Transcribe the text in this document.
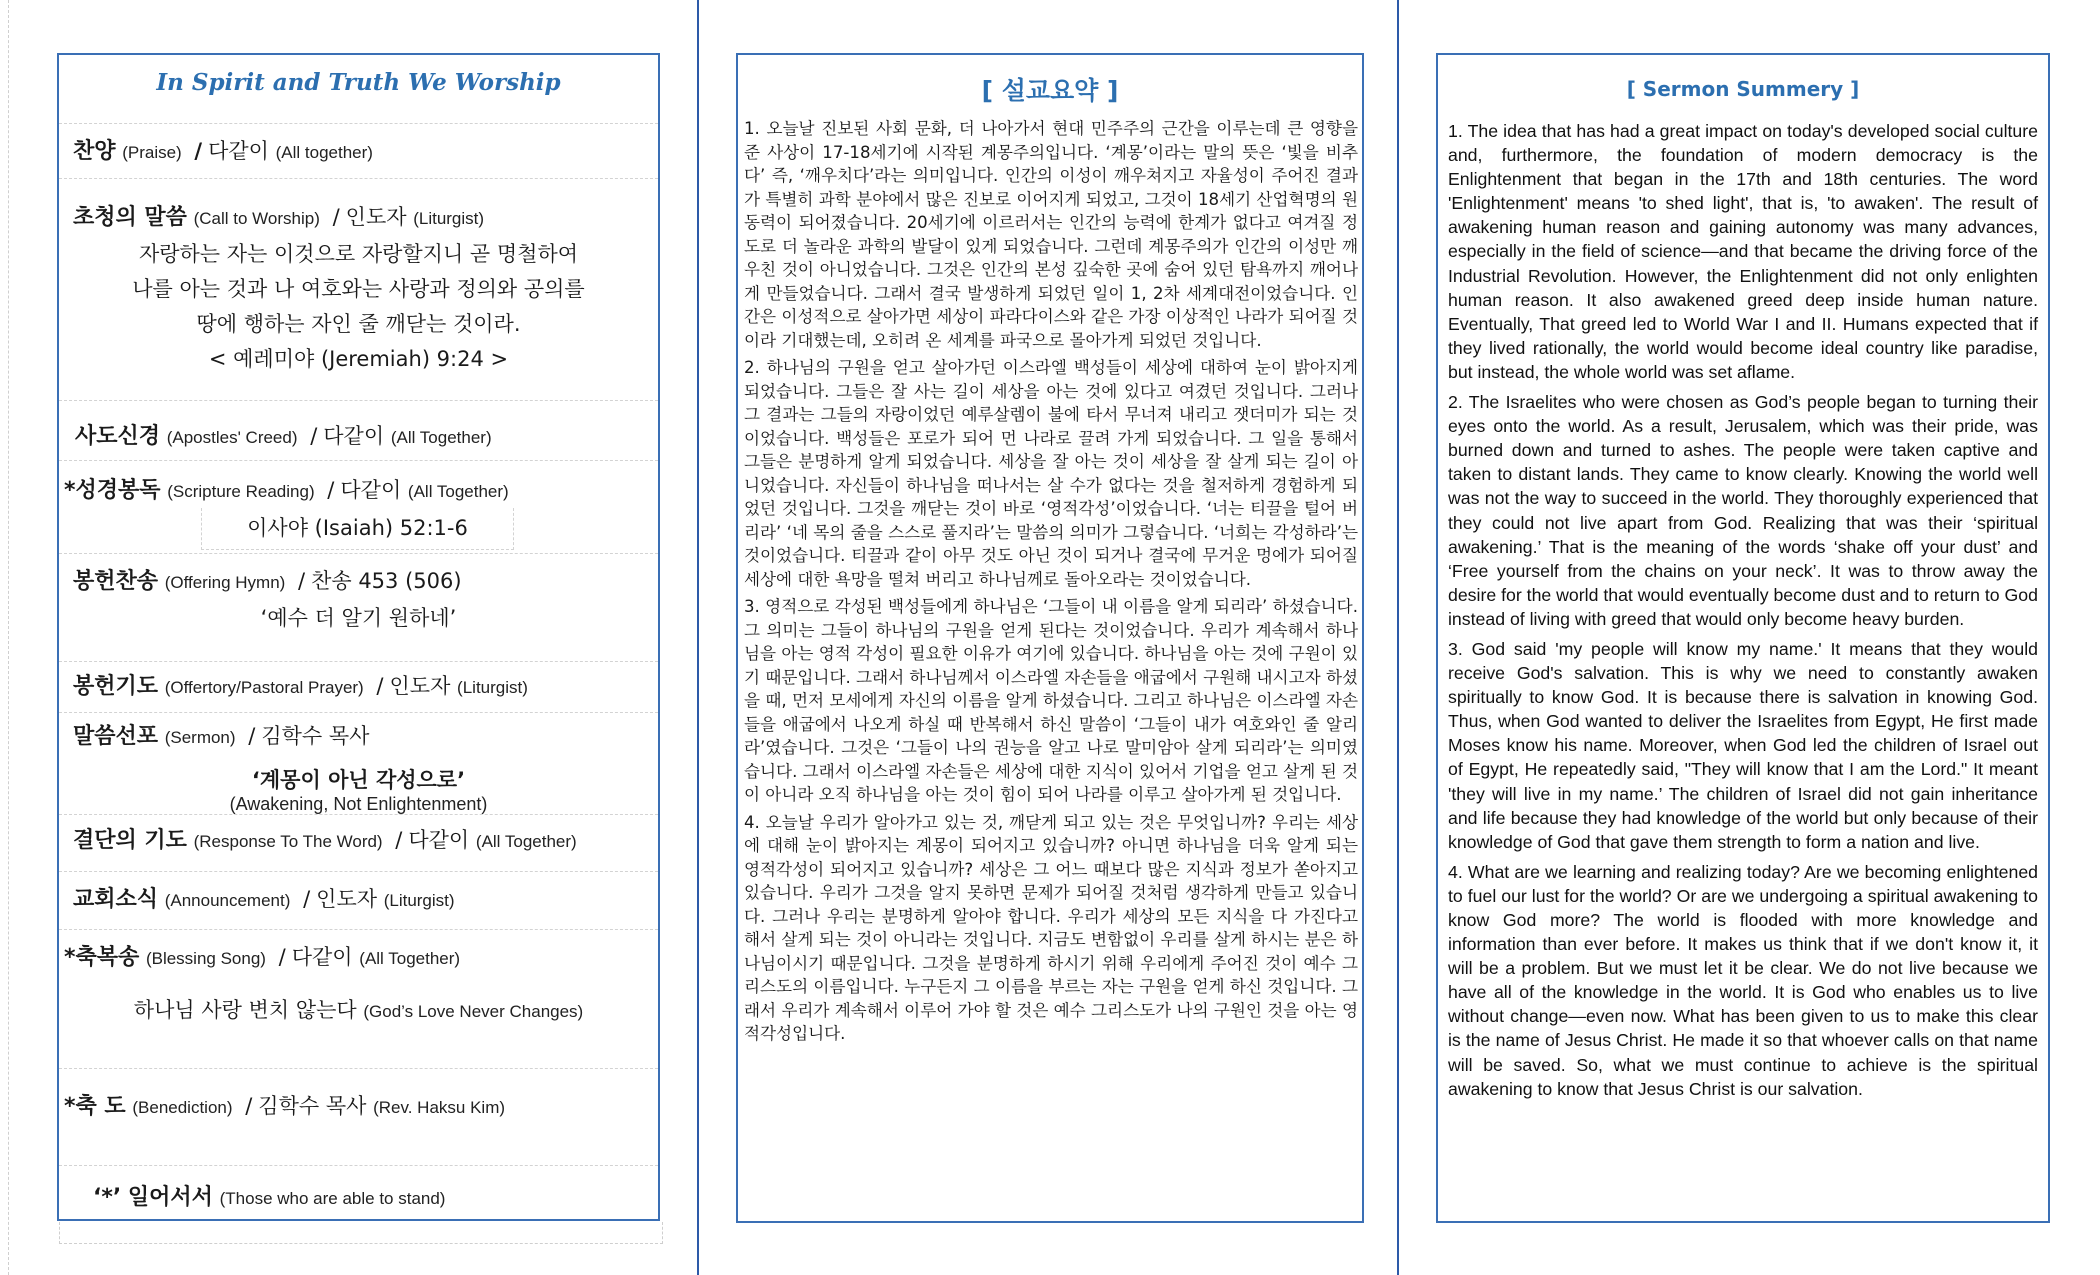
In Spirit and Truth We Worship
찬양 (Praise) / 다같이 (All together)
초청의 말씀 (Call to Worship) / 인도자 (Liturgist)
자랑하는 자는 이것으로 자랑할지니 곧 명철하여
나를 아는 것과 나 여호와는 사랑과 정의와 공의를
땅에 행하는 자인 줄 깨닫는 것이라.
< 예레미야 (Jeremiah) 9:24 >
사도신경 (Apostles' Creed) / 다같이 (All Together)
*성경봉독 (Scripture Reading) / 다같이 (All Together)
이사야 (Isaiah) 52:1-6
봉헌찬송 (Offering Hymn) / 찬송 453 (506)
‘예수 더 알기 원하네’
봉헌기도 (Offertory/Pastoral Prayer) / 인도자 (Liturgist)
말씀선포 (Sermon) / 김학수 목사
‘계몽이 아닌 각성으로’
(Awakening, Not Enlightenment)
결단의 기도 (Response To The Word) / 다같이 (All Together)
교회소식 (Announcement) / 인도자 (Liturgist)
*축복송 (Blessing Song) / 다같이 (All Together)
하나님 사랑 변치 않는다 (God’s Love Never Changes)
*축 도 (Benediction) / 김학수 목사 (Rev. Haksu Kim)
‘*’ 일어서서 (Those who are able to stand)
[ 설교요약 ]

1. 오늘날 진보된 사회 문화, 더 나아가서 현대 민주주의 근간을 이루는데 큰 영향을 준 사상이 17-18세기에 시작된 계몽주의입니다. ‘계몽’이라는 말의 뜻은 ‘빛을 비추다’ 즉, ‘깨우치다’라는 의미입니다. 인간의 이성이 깨우쳐지고 자율성이 주어진 결과가 특별히 과학 분야에서 많은 진보로 이어지게 되었고, 그것이 18세기 산업혁명의 원동력이 되어졌습니다. 20세기에 이르러서는 인간의 능력에 한계가 없다고 여겨질 정도로 더 놀라운 과학의 발달이 있게 되었습니다. 그런데 계몽주의가 인간의 이성만 깨우친 것이 아니었습니다. 그것은 인간의 본성 깊숙한 곳에 숨어 있던 탐욕까지 깨어나게 만들었습니다. 그래서 결국 발생하게 되었던 일이 1, 2차 세계대전이었습니다. 인간은 이성적으로 살아가면 세상이 파라다이스와 같은 가장 이상적인 나라가 되어질 것이라 기대했는데, 오히려 온 세계를 파국으로 몰아가게 되었던 것입니다.

2. 하나님의 구원을 얻고 살아가던 이스라엘 백성들이 세상에 대하여 눈이 밝아지게 되었습니다. 그들은 잘 사는 길이 세상을 아는 것에 있다고 여겼던 것입니다. 그러나 그 결과는 그들의 자랑이었던 예루살렘이 불에 타서 무너져 내리고 잿더미가 되는 것이었습니다. 백성들은 포로가 되어 먼 나라로 끌려 가게 되었습니다. 그 일을 통해서 그들은 분명하게 알게 되었습니다. 세상을 잘 아는 것이 세상을 잘 살게 되는 길이 아니었습니다. 자신들이 하나님을 떠나서는 살 수가 없다는 것을 철저하게 경험하게 되었던 것입니다. 그것을 깨닫는 것이 바로 ‘영적각성’이었습니다. ‘너는 티끌을 털어 버리라’ ‘네 목의 줄을 스스로 풀지라’는 말씀의 의미가 그렇습니다. ‘너희는 각성하라’는 것이었습니다. 티끌과 같이 아무 것도 아닌 것이 되거나 결국에 무거운 멍에가 되어질 세상에 대한 욕망을 떨쳐 버리고 하나님께로 돌아오라는 것이었습니다.

3. 영적으로 각성된 백성들에게 하나님은 ‘그들이 내 이름을 알게 되리라’ 하셨습니다. 그 의미는 그들이 하나님의 구원을 얻게 된다는 것이었습니다. 우리가 계속해서 하나님을 아는 영적 각성이 필요한 이유가 여기에 있습니다. 하나님을 아는 것에 구원이 있기 때문입니다. 그래서 하나님께서 이스라엘 자손들을 애굽에서 구원해 내시고자 하셨을 때, 먼저 모세에게 자신의 이름을 알게 하셨습니다. 그리고 하나님은 이스라엘 자손들을 애굽에서 나오게 하실 때 반복해서 하신 말씀이 ‘그들이 내가 여호와인 줄 알리라’였습니다. 그것은 ‘그들이 나의 권능을 알고 나로 말미암아 살게 되리라’는 의미였습니다. 그래서 이스라엘 자손들은 세상에 대한 지식이 있어서 기업을 얻고 살게 된 것이 아니라 오직 하나님을 아는 것이 힘이 되어 나라를 이루고 살아가게 된 것입니다.

4. 오늘날 우리가 알아가고 있는 것, 깨닫게 되고 있는 것은 무엇입니까? 우리는 세상에 대해 눈이 밝아지는 계몽이 되어지고 있습니까? 아니면 하나님을 더욱 알게 되는 영적각성이 되어지고 있습니까? 세상은 그 어느 때보다 많은 지식과 정보가 쏟아지고 있습니다. 우리가 그것을 알지 못하면 문제가 되어질 것처럼 생각하게 만들고 있습니다. 그러나 우리는 분명하게 알아야 합니다. 우리가 세상의 모든 지식을 다 가진다고 해서 살게 되는 것이 아니라는 것입니다. 지금도 변함없이 우리를 살게 하시는 분은 하나님이시기 때문입니다. 그것을 분명하게 하시기 위해 우리에게 주어진 것이 예수 그리스도의 이름입니다. 누구든지 그 이름을 부르는 자는 구원을 얻게 하신 것입니다. 그래서 우리가 계속해서 이루어 가야 할 것은 예수 그리스도가 나의 구원인 것을 아는 영적각성입니다.

[ Sermon Summery ]

1. The idea that has had a great impact on today's developed social culture and, furthermore, the foundation of modern democracy is the Enlightenment that began in the 17th and 18th centuries. The word 'Enlightenment' means 'to shed light', that is, 'to awaken'. The result of awakening human reason and gaining autonomy was many advances, especially in the field of science—and that became the driving force of the Industrial Revolution. However, the Enlightenment did not only enlighten human reason. It also awakened greed deep inside human nature. Eventually, That greed led to World War I and II. Humans expected that if they lived rationally, the world would become ideal country like paradise, but instead, the whole world was set aflame.

2. The Israelites who were chosen as God’s people began to turning their eyes onto the world. As a result, Jerusalem, which was their pride, was burned down and turned to ashes. The people were taken captive and taken to distant lands. They came to know clearly. Knowing the world well was not the way to succeed in the world. They thoroughly experienced that they could not live apart from God. Realizing that was their ‘spiritual awakening.’ That is the meaning of the words ‘shake off your dust’ and ‘Free yourself from the chains on your neck’. It was to throw away the desire for the world that would eventually become dust and to return to God instead of living with greed that would only become heavy burden.

3. God said 'my people will know my name.' It means that they would receive God's salvation. This is why we need to constantly awaken spiritually to know God. It is because there is salvation in knowing God. Thus, when God wanted to deliver the Israelites from Egypt, He first made Moses know his name. Moreover, when God led the children of Israel out of Egypt, He repeatedly said, "They will know that I am the Lord." It meant 'they will live in my name.’ The children of Israel did not gain inheritance and life because they had knowledge of the world but only because of their knowledge of God that gave them strength to form a nation and live.

4. What are we learning and realizing today? Are we becoming enlightened to fuel our lust for the world? Or are we undergoing a spiritual awakening to know God more? The world is flooded with more knowledge and information than ever before. It makes us think that if we don't know it, it will be a problem. But we must let it be clear. We do not live because we have all of the knowledge in the world. It is God who enables us to live without change—even now. What has been given to us to make this clear is the name of Jesus Christ. He made it so that whoever calls on that name will be saved. So, what we must continue to achieve is the spiritual awakening to know that Jesus Christ is our salvation.
